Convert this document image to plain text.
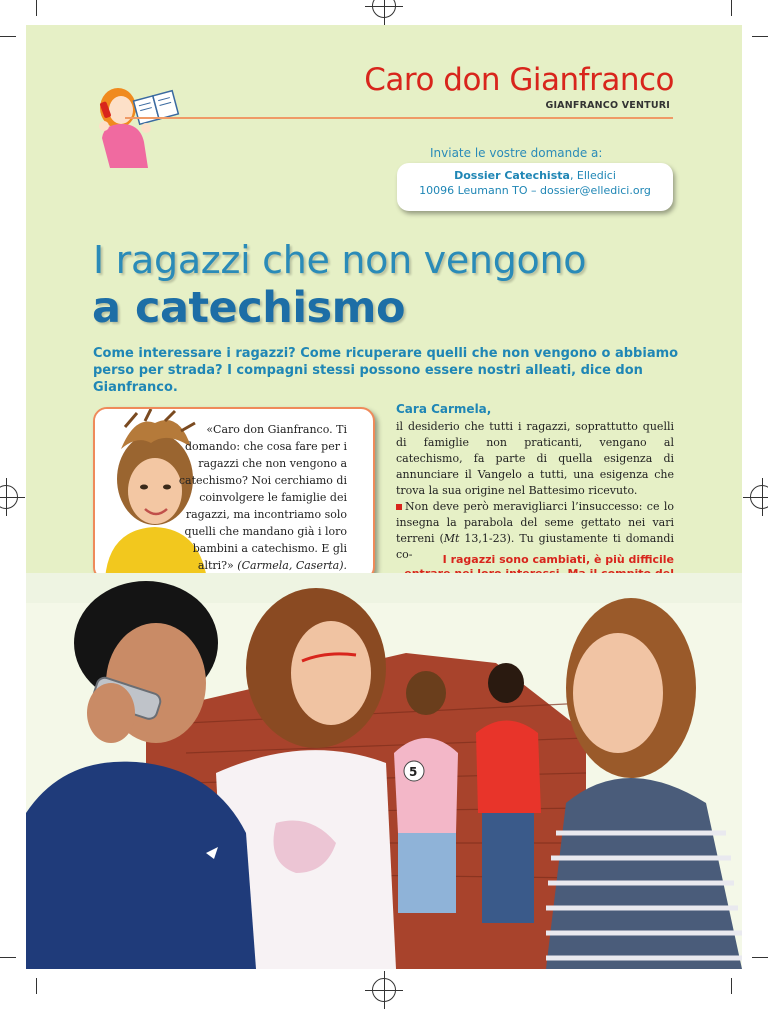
Caro don Gianfranco
GIANFRANCO VENTURI
Inviate le vostre domande a:
Dossier Catechista, Elledici
10096 Leumann TO – dossier@elledici.org
I ragazzi che non vengono
a catechismo
Come interessare i ragazzi? Come ricuperare quelli che non vengono o abbiamo perso per strada? I compagni stessi possono essere nostri alleati, dice don Gianfranco.
«Caro don Gianfranco. Ti domando: che cosa fare per i ragazzi che non vengono a catechismo? Noi cerchiamo di coinvolgere le famiglie dei ragazzi, ma incontriamo solo quelli che mandano già i loro bambini a catechismo. E gli altri?» (Carmela, Caserta).
Cara Carmela,
il desiderio che tutti i ragazzi, soprattutto quelli di famiglie non praticanti, vengano al catechismo, fa parte di quella esigenza di annunciare il Vangelo a tutti, una esigenza che trova la sua origine nel Battesimo ricevuto.
Non deve però meravigliarci l’insuccesso: ce lo insegna la parabola del seme gettato nei vari terreni (Mt 13,1-23). Tu giustamente ti domandi co-	I ragazzi sono cambiati, è più difficile
5
